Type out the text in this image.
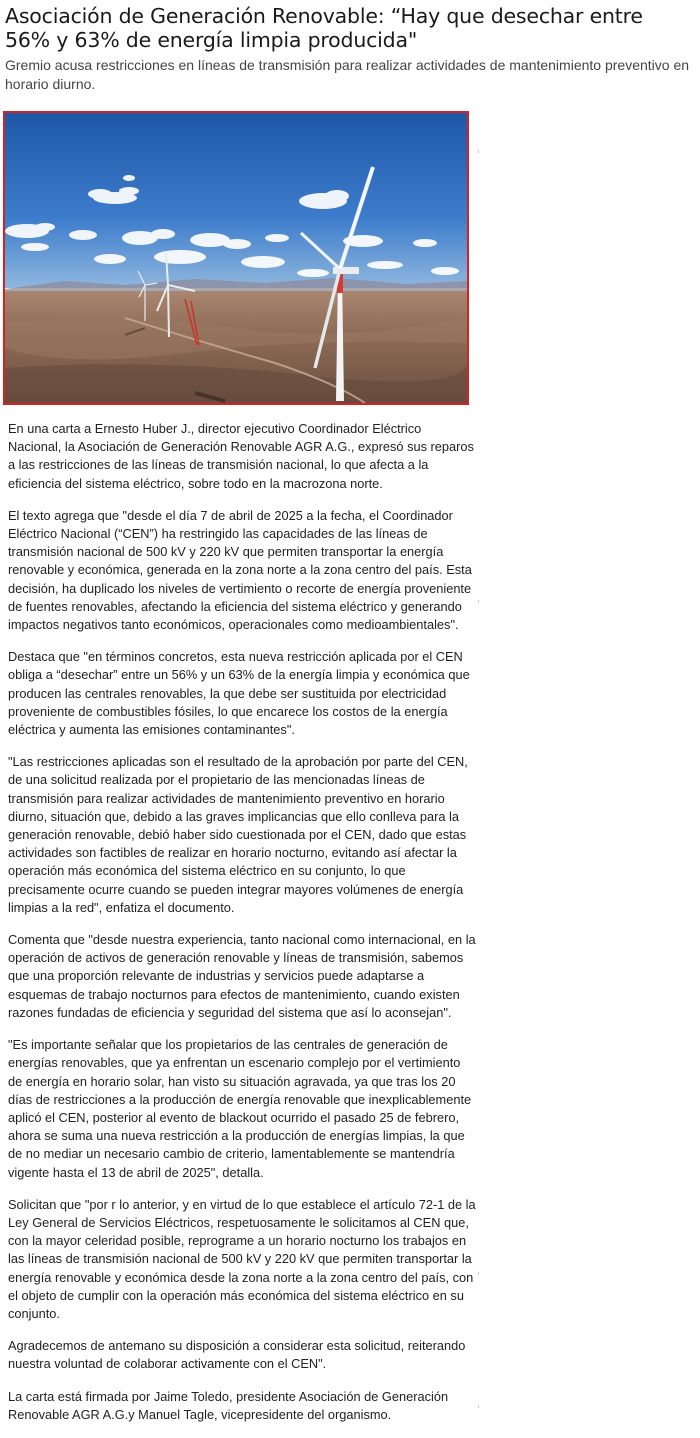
Asociación de Generación Renovable: “Hay que desechar entre 56% y 63% de energía limpia producida"
Gremio acusa restricciones en líneas de transmisión para realizar actividades de mantenimiento preventivo en horario diurno.

En una carta a Ernesto Huber J., director ejecutivo Coordinador Eléctrico Nacional, la Asociación de Generación Renovable AGR A.G., expresó sus reparos a las restricciones de las líneas de transmisión nacional, lo que afecta a la eficiencia del sistema eléctrico, sobre todo en la macrozona norte.

El texto agrega que "desde el día 7 de abril de 2025 a la fecha, el Coordinador Eléctrico Nacional (“CEN”) ha restringido las capacidades de las líneas de transmisión nacional de 500 kV y 220 kV que permiten transportar la energía renovable y económica, generada en la zona norte a la zona centro del país. Esta decisión, ha duplicado los niveles de vertimiento o recorte de energía proveniente de fuentes renovables, afectando la eficiencia del sistema eléctrico y generando impactos negativos tanto económicos, operacionales como medioambientales".

Destaca que "en términos concretos, esta nueva restricción aplicada por el CEN obliga a “desechar” entre un 56% y un 63% de la energía limpia y económica que producen las centrales renovables, la que debe ser sustituida por electricidad proveniente de combustibles fósiles, lo que encarece los costos de la energía eléctrica y aumenta las emisiones contaminantes".

"Las restricciones aplicadas son el resultado de la aprobación por parte del CEN, de una solicitud realizada por el propietario de las mencionadas líneas de transmisión para realizar actividades de mantenimiento preventivo en horario diurno, situación que, debido a las graves implicancias que ello conlleva para la generación renovable, debió haber sido cuestionada por el CEN, dado que estas actividades son factibles de realizar en horario nocturno, evitando así afectar la operación más económica del sistema eléctrico en su conjunto, lo que precisamente ocurre cuando se pueden integrar mayores volúmenes de energía limpias a la red", enfatiza el documento.

Comenta que "desde nuestra experiencia, tanto nacional como internacional, en la operación de activos de generación renovable y líneas de transmisión, sabemos que una proporción relevante de industrias y servicios puede adaptarse a esquemas de trabajo nocturnos para efectos de mantenimiento, cuando existen razones fundadas de eficiencia y seguridad del sistema que así lo aconsejan".

"Es importante señalar que los propietarios de las centrales de generación de energías renovables, que ya enfrentan un escenario complejo por el vertimiento de energía en horario solar, han visto su situación agravada, ya que tras los 20 días de restricciones a la producción de energía renovable que inexplicablemente aplicó el CEN, posterior al evento de blackout ocurrido el pasado 25 de febrero, ahora se suma una nueva restricción a la producción de energías limpias, la que de no mediar un necesario cambio de criterio, lamentablemente se mantendría vigente hasta el 13 de abril de 2025", detalla.

Solicitan que "por r lo anterior, y en virtud de lo que establece el artículo 72-1 de la Ley General de Servicios Eléctricos, respetuosamente le solicitamos al CEN que, con la mayor celeridad posible, reprograme a un horario nocturno los trabajos en las líneas de transmisión nacional de 500 kV y 220 kV que permiten transportar la energía renovable y económica desde la zona norte a la zona centro del país, con el objeto de cumplir con la operación más económica del sistema eléctrico en su conjunto.

Agradecemos de antemano su disposición a considerar esta solicitud, reiterando nuestra voluntad de colaborar activamente con el CEN".

La carta está firmada por Jaime Toledo, presidente Asociación de Generación Renovable AGR A.G.y Manuel Tagle, vicepresidente del organismo.
